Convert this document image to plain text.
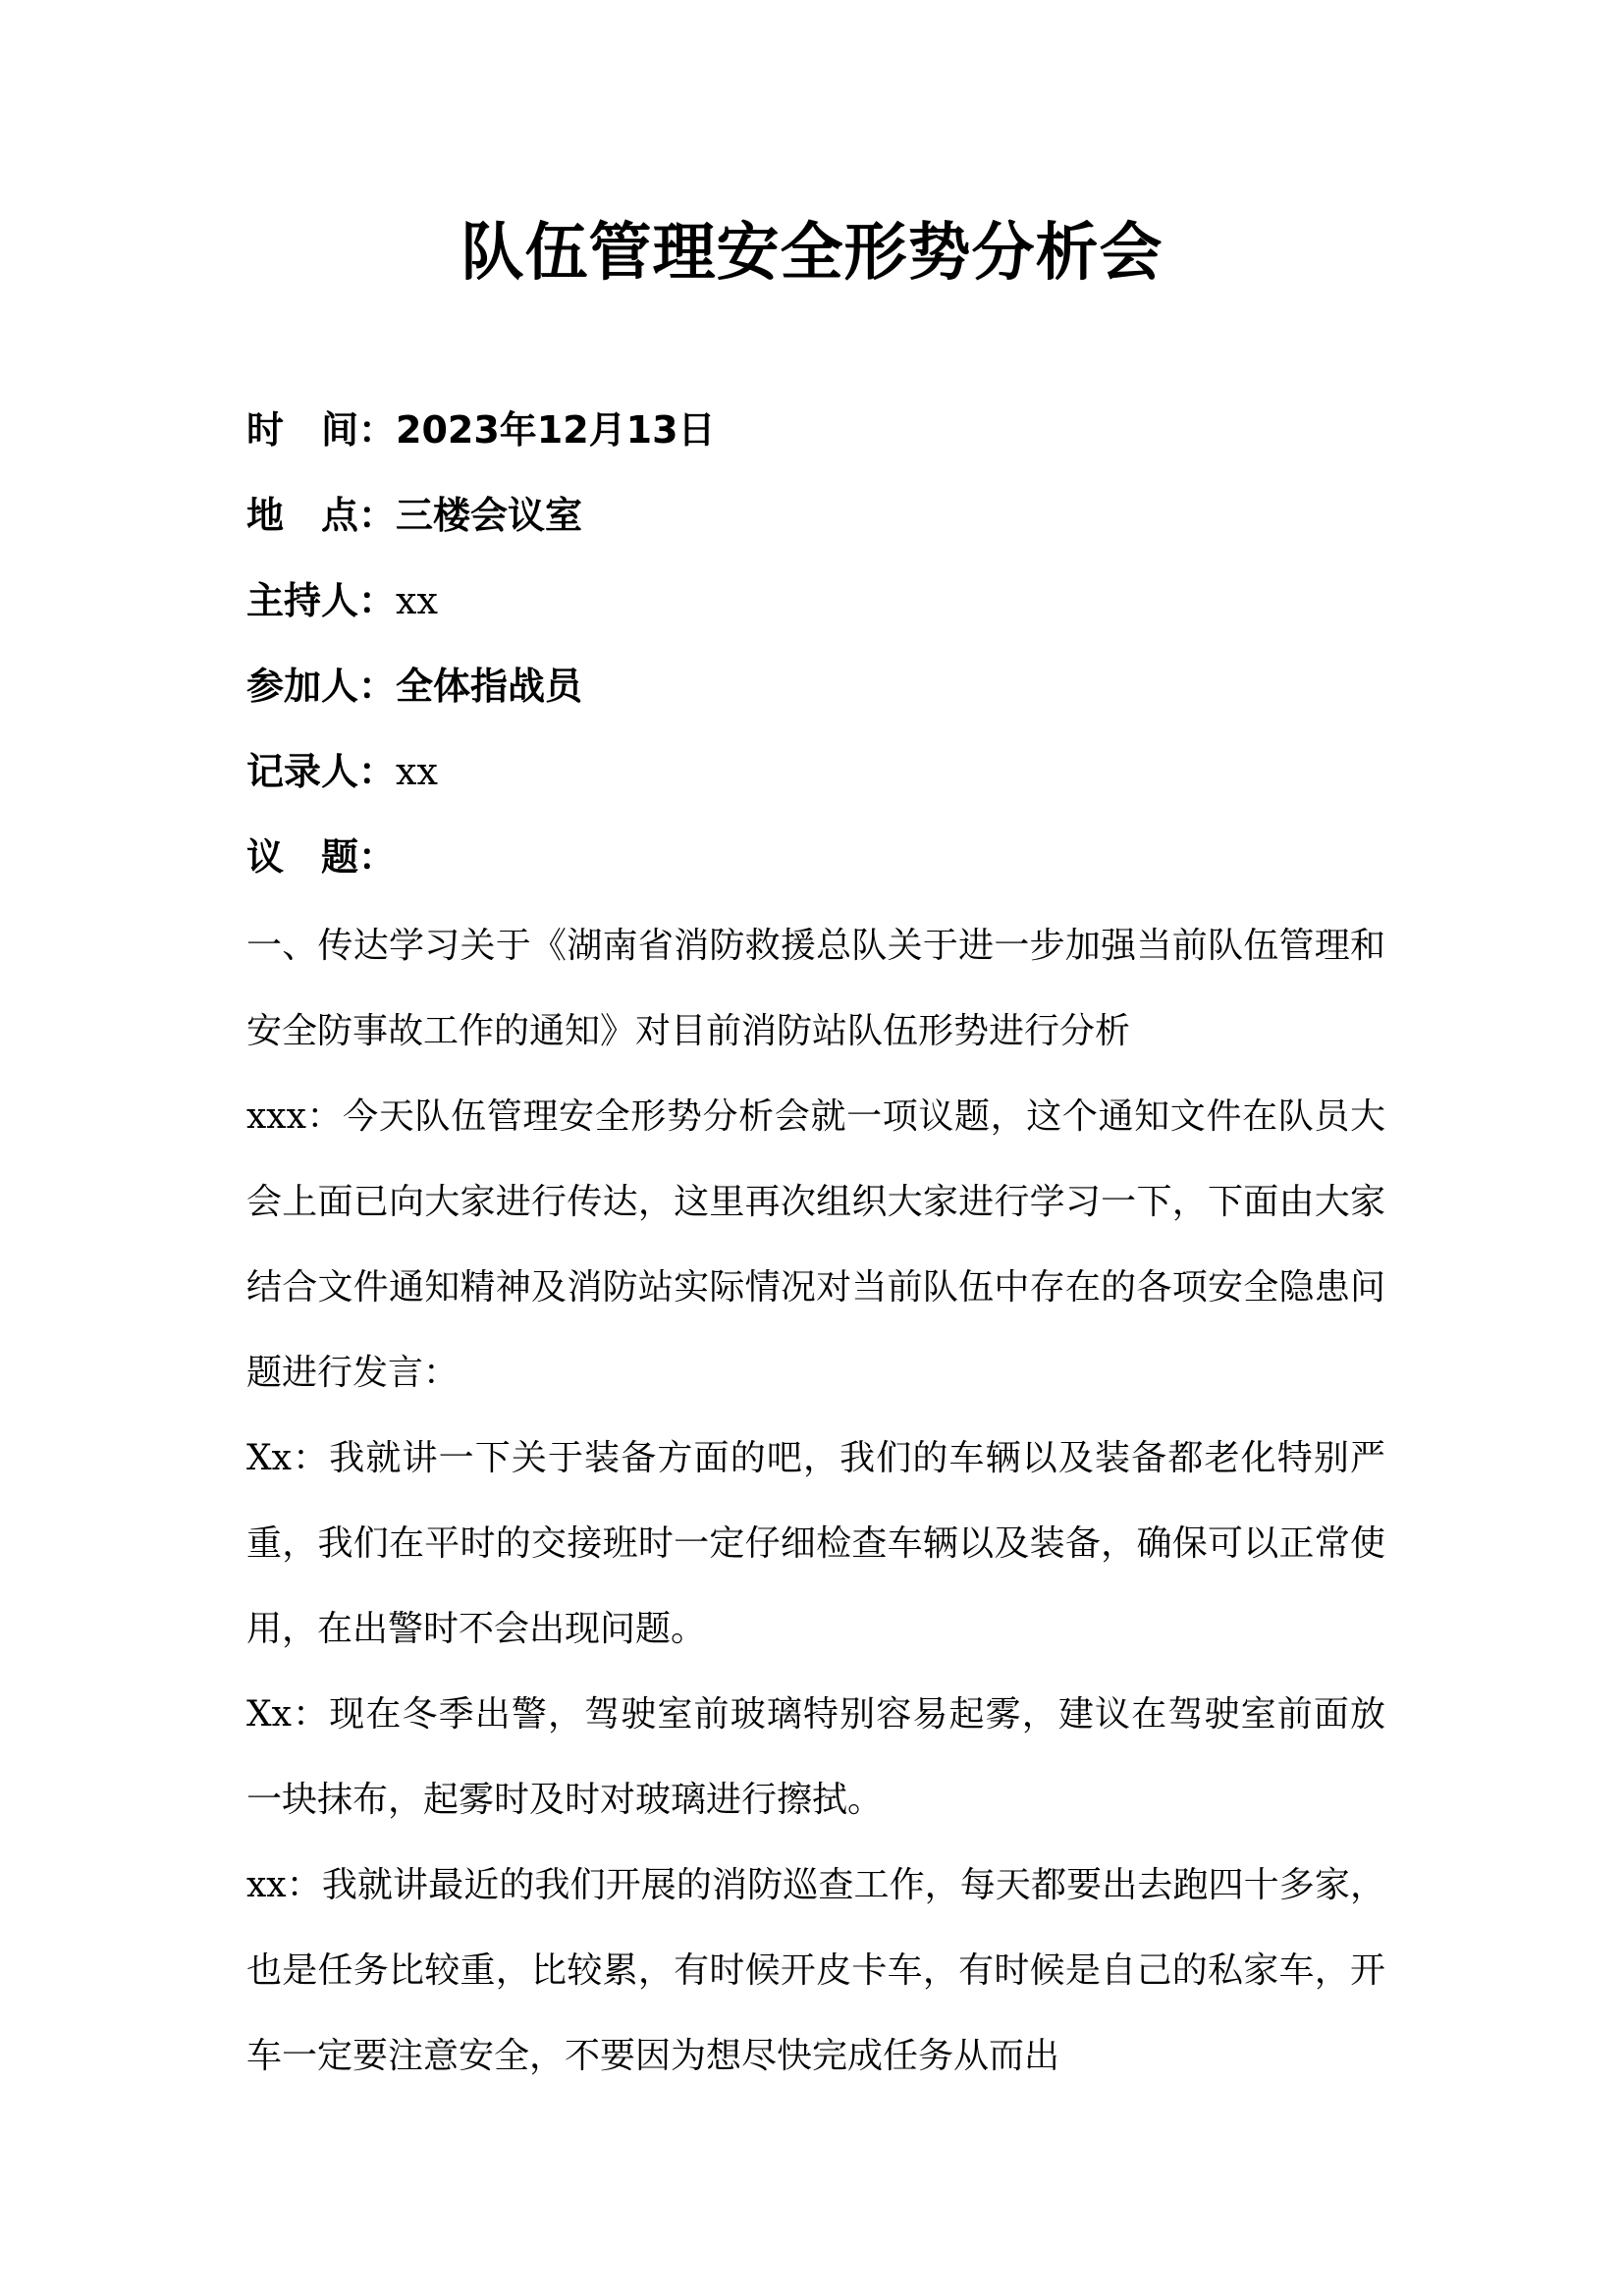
队伍管理安全形势分析会
时　间：2023年12月13日
地　点：三楼会议室
主持人：xx
参加人：全体指战员
记录人：xx
议　题：

一、传达学习关于《湖南省消防救援总队关于进一步加强当前队伍管理和安全防事故工作的通知》对目前消防站队伍形势进行分析

xxx：今天队伍管理安全形势分析会就一项议题，这个通知文件在队员大会上面已向大家进行传达，这里再次组织大家进行学习一下，下面由大家结合文件通知精神及消防站实际情况对当前队伍中存在的各项安全隐患问题进行发言：

Xx：我就讲一下关于装备方面的吧，我们的车辆以及装备都老化特别严重，我们在平时的交接班时一定仔细检查车辆以及装备，确保可以正常使用，在出警时不会出现问题。

Xx：现在冬季出警，驾驶室前玻璃特别容易起雾，建议在驾驶室前面放一块抹布，起雾时及时对玻璃进行擦拭。

xx：我就讲最近的我们开展的消防巡查工作，每天都要出去跑四十多家，也是任务比较重，比较累，有时候开皮卡车，有时候是自己的私家车，开车一定要注意安全，不要因为想尽快完成任务从而出
